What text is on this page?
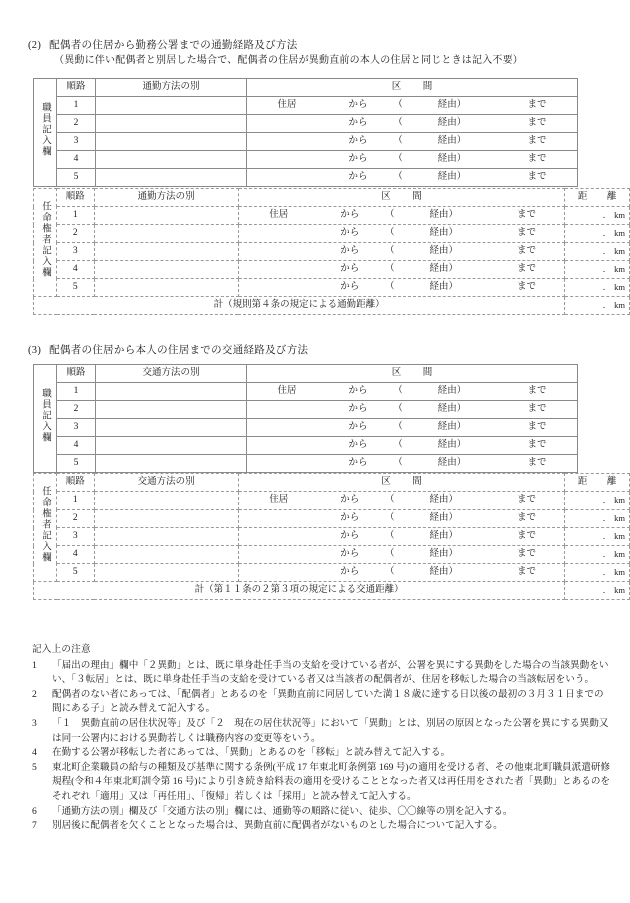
(2) 配偶者の住居から勤務公署までの通勤経路及び方法
（異動に伴い配偶者と別居した場合で、配偶者の住居が異動直前の本人の住居と同じときは記入不要）
職員記入欄	順路	通勤方法の別	区　間

	1		住居 から （ 経由） まで

	2		から （ 経由） まで

	3		から （ 経由） まで

	4		から （ 経由） まで

	5		から （ 経由） まで
任命権者記入欄	順路	通勤方法の別	区　間	距　離
	1		住居 から （ 経由） まで	. km

	2		から （ 経由） まで	. km

	3		から （ 経由） まで	. km

	4		から （ 経由） まで	. km

	5		から （ 経由） まで	. km

計（規則第４条の規定による通勤距離）				. km
(3) 配偶者の住居から本人の住居までの交通経路及び方法
職員記入欄	順路	交通方法の別	区　間

	1		住居 から （ 経由） まで

	2		から （ 経由） まで

	3		から （ 経由） まで

	4		から （ 経由） まで

	5		から （ 経由） まで
任命権者記入欄	順路	交通方法の別	区　間	距　離
	1		住居 から （ 経由） まで	. km

	2		から （ 経由） まで	. km

	3		から （ 経由） まで	. km

	4		から （ 経由） まで	. km

	5		から （ 経由） まで	. km

計（第１１条の２第３項の規定による交通距離）				. km
記入上の注意
1	「届出の理由」欄中「２異動」とは、既に単身赴任手当の支給を受けている者が、公署を異にする異動をした場合の当該異動をいい、「３転居」とは、既に単身赴任手当の支給を受けている者又は当該者の配偶者が、住居を移転した場合の当該転居をいう。
2	配偶者のない者にあっては、「配偶者」とあるのを「異動直前に同居していた満１８歳に達する日以後の最初の３月３１日までの間にある子」と読み替えて記入する。
3	「１　異動直前の居住状況等」及び「２　現在の居住状況等」において「異動」とは、別居の原因となった公署を異にする異動又は同一公署内における異動若しくは職務内容の変更等をいう。
4	在勤する公署が移転した者にあっては、「異動」とあるのを「移転」と読み替えて記入する。
5	東北町企業職員の給与の種類及び基準に関する条例(平成 17 年東北町条例第 169 号)の適用を受ける者、その他東北町職員派遣研修規程(令和４年東北町訓令第 16 号)により引き続き給料表の適用を受けることとなった者又は再任用をされた者「異動」とあるのをそれぞれ「適用」又は「再任用」、「復帰」若しくは「採用」と読み替えて記入する。
6	「通勤方法の別」欄及び「交通方法の別」欄には、通勤等の順路に従い、徒歩、〇〇線等の別を記入する。
7	別居後に配偶者を欠くこととなった場合は、異動直前に配偶者がないものとした場合について記入する。
